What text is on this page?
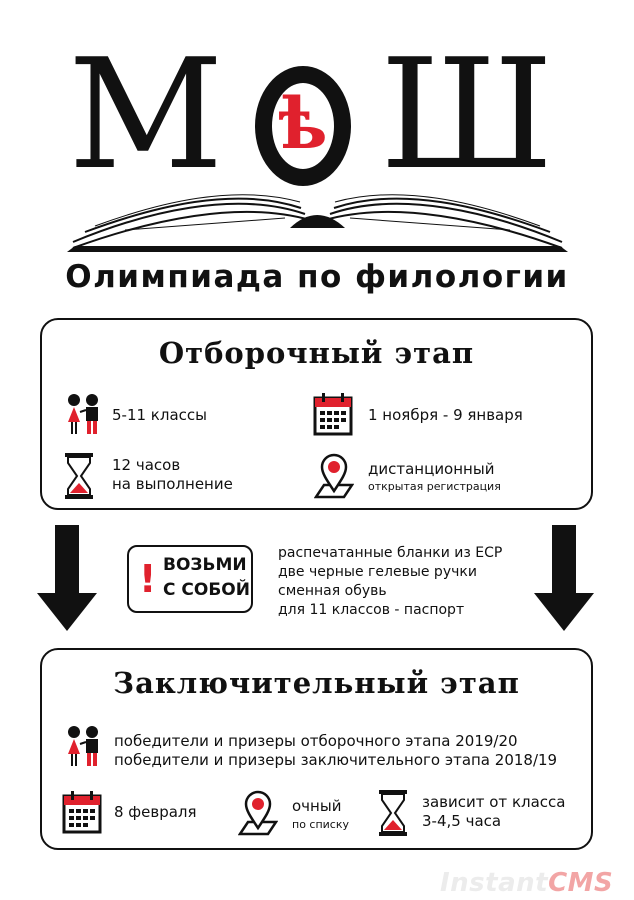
М ѣ Ш
Олимпиада по филологии
Отборочный этап
5-11 классы	1 ноября - 9 января
12 часов
на выполнение
дистанционный
открытая регистрация
! ВОЗЬМИ
С СОБОЙ
распечатанные бланки из ЕСР
две черные гелевые ручки
сменная обувь
для 11 классов - паспорт
Заключительный этап
победители и призеры отборочного этапа 2019/20
победители и призеры заключительного этапа 2018/19
8 февраля	очный
по списку
зависит от класса
3-4,5 часа
InstantCMS
